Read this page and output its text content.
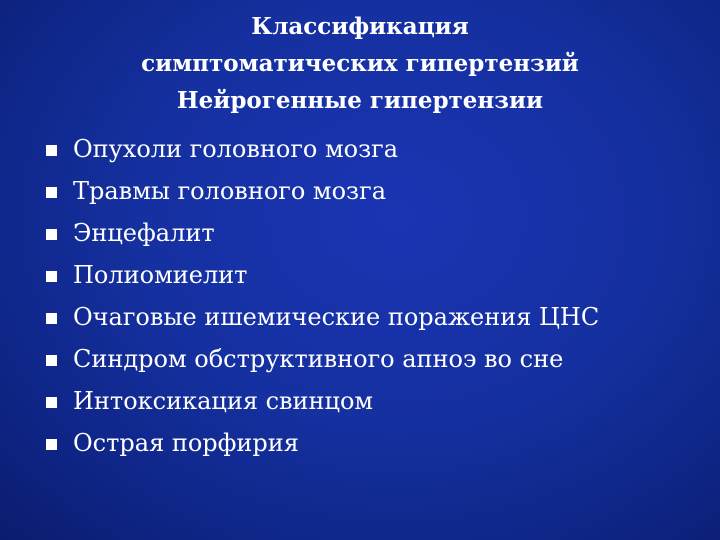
Классификация
симптоматических гипертензий
Нейрогенные гипертензии
Опухоли головного мозга
Травмы головного мозга
Энцефалит
Полиомиелит
Очаговые ишемические поражения ЦНС
Синдром обструктивного апноэ во сне
Интоксикация свинцом
Острая порфирия
